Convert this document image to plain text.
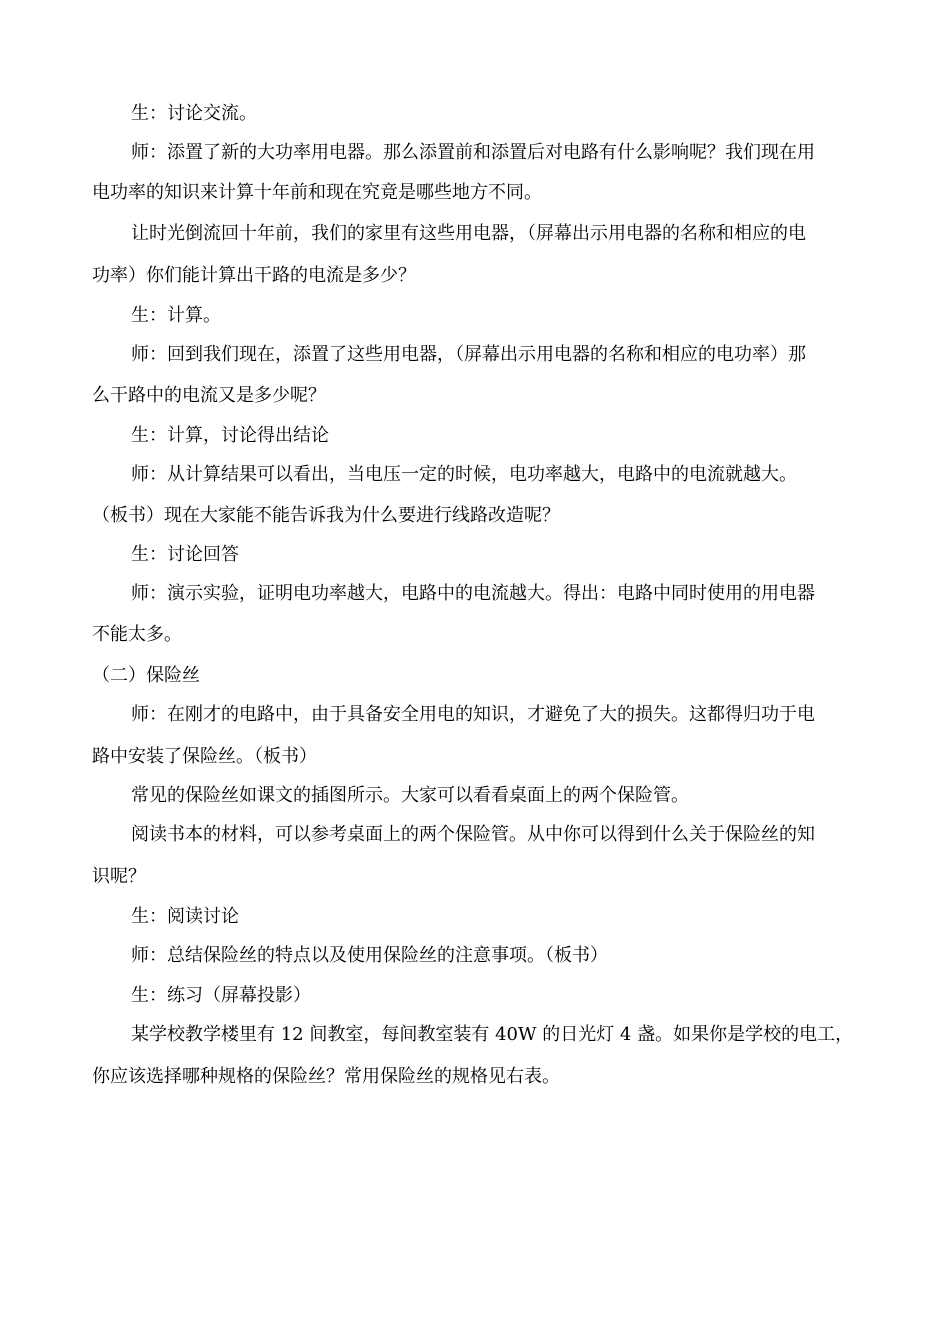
生：讨论交流。
师：添置了新的大功率用电器。那么添置前和添置后对电路有什么影响呢？我们现在用
电功率的知识来计算十年前和现在究竟是哪些地方不同。
让时光倒流回十年前，我们的家里有这些用电器，（屏幕出示用电器的名称和相应的电
功率）你们能计算出干路的电流是多少？
生：计算。
师：回到我们现在，添置了这些用电器，（屏幕出示用电器的名称和相应的电功率）那
么干路中的电流又是多少呢？
生：计算，讨论得出结论
师：从计算结果可以看出，当电压一定的时候，电功率越大，电路中的电流就越大。
（板书）现在大家能不能告诉我为什么要进行线路改造呢？
生：讨论回答
师：演示实验，证明电功率越大，电路中的电流越大。得出：电路中同时使用的用电器
不能太多。
（二）保险丝
师：在刚才的电路中，由于具备安全用电的知识，才避免了大的损失。这都得归功于电
路中安装了保险丝。（板书）
常见的保险丝如课文的插图所示。大家可以看看桌面上的两个保险管。
阅读书本的材料，可以参考桌面上的两个保险管。从中你可以得到什么关于保险丝的知
识呢？
生：阅读讨论
师：总结保险丝的特点以及使用保险丝的注意事项。（板书）
生：练习（屏幕投影）
某学校教学楼里有 12 间教室，每间教室装有 40W 的日光灯 4 盏。如果你是学校的电工，
你应该选择哪种规格的保险丝？常用保险丝的规格见右表。
